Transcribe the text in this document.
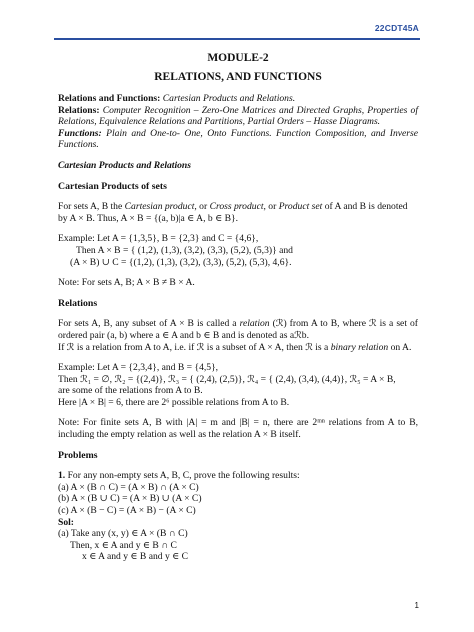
22CDT45A

MODULE-2

RELATIONS, AND FUNCTIONS

Relations and Functions: Cartesian Products and Relations.

Relations: Computer Recognition – Zero-One Matrices and Directed Graphs, Properties of Relations, Equivalence Relations and Partitions, Partial Orders – Hasse Diagrams.

Functions: Plain and One-to- One, Onto Functions. Function Composition, and Inverse Functions.

Cartesian Products and Relations

Cartesian Products of sets

For sets A, B the Cartesian product, or Cross product, or Product set of A and B is denoted by A × B. Thus, A × B = {(a, b)|a ∈ A, b ∈ B}.

Example: Let A = {1,3,5}, B = {2,3} and C = {4,6},

Then A × B = { (1,2), (1,3), (3,2), (3,3), (5,2), (5,3)} and

(A × B) ∪ C = {(1,2), (1,3), (3,2), (3,3), (5,2), (5,3), 4,6}.

Note: For sets A, B; A × B ≠ B × A.

Relations

For sets A, B, any subset of A × B is called a relation (ℛ) from A to B, where ℛ is a set of ordered pair (a, b) where a ∈ A and b ∈ B and is denoted as aℛb.

If ℛ is a relation from A to A, i.e. if ℛ is a subset of A × A, then ℛ is a binary relation on A.

Example: Let A = {2,3,4}, and B = {4,5},

Then ℛ₁ = ∅, ℛ₂ = {(2,4)}, ℛ₃ = { (2,4), (2,5)}, ℛ₄ = { (2,4), (3,4), (4,4)}, ℛ₅ = A × B,

are some of the relations from A to B.

Here |A × B| = 6, there are 2⁶ possible relations from A to B.

Note: For finite sets A, B with |A| = m and |B| = n, there are 2ᵐⁿ relations from A to B, including the empty relation as well as the relation A × B itself.

Problems

1. For any non-empty sets A, B, C, prove the following results:

(a) A × (B ∩ C) = (A × B) ∩ (A × C)

(b) A × (B ∪ C) = (A × B) ∪ (A × C)

(c) A × (B − C) = (A × B) − (A × C)

Sol:

(a) Take any (x, y) ∈ A × (B ∩ C)

Then, x ∈ A and y ∈ B ∩ C

x ∈ A and y ∈ B and y ∈ C

1
